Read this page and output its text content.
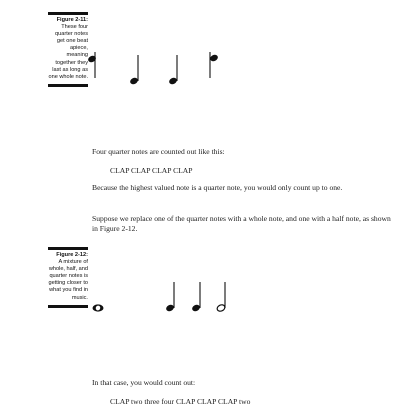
Figure 2-11:
These four quarter notes get one beat apiece, meaning together they last as long as one whole note.

Four quarter notes are counted out like this:

CLAP CLAP CLAP CLAP

Because the highest valued note is a quarter note, you would only count up to one.

Suppose we replace one of the quarter notes with a whole note, and one with a half note, as shown in Figure 2-12.

Figure 2-12:
A mixture of whole, half, and quarter notes is getting closer to what you find in music.

In that case, you would count out:

CLAP two three four CLAP CLAP CLAP two
